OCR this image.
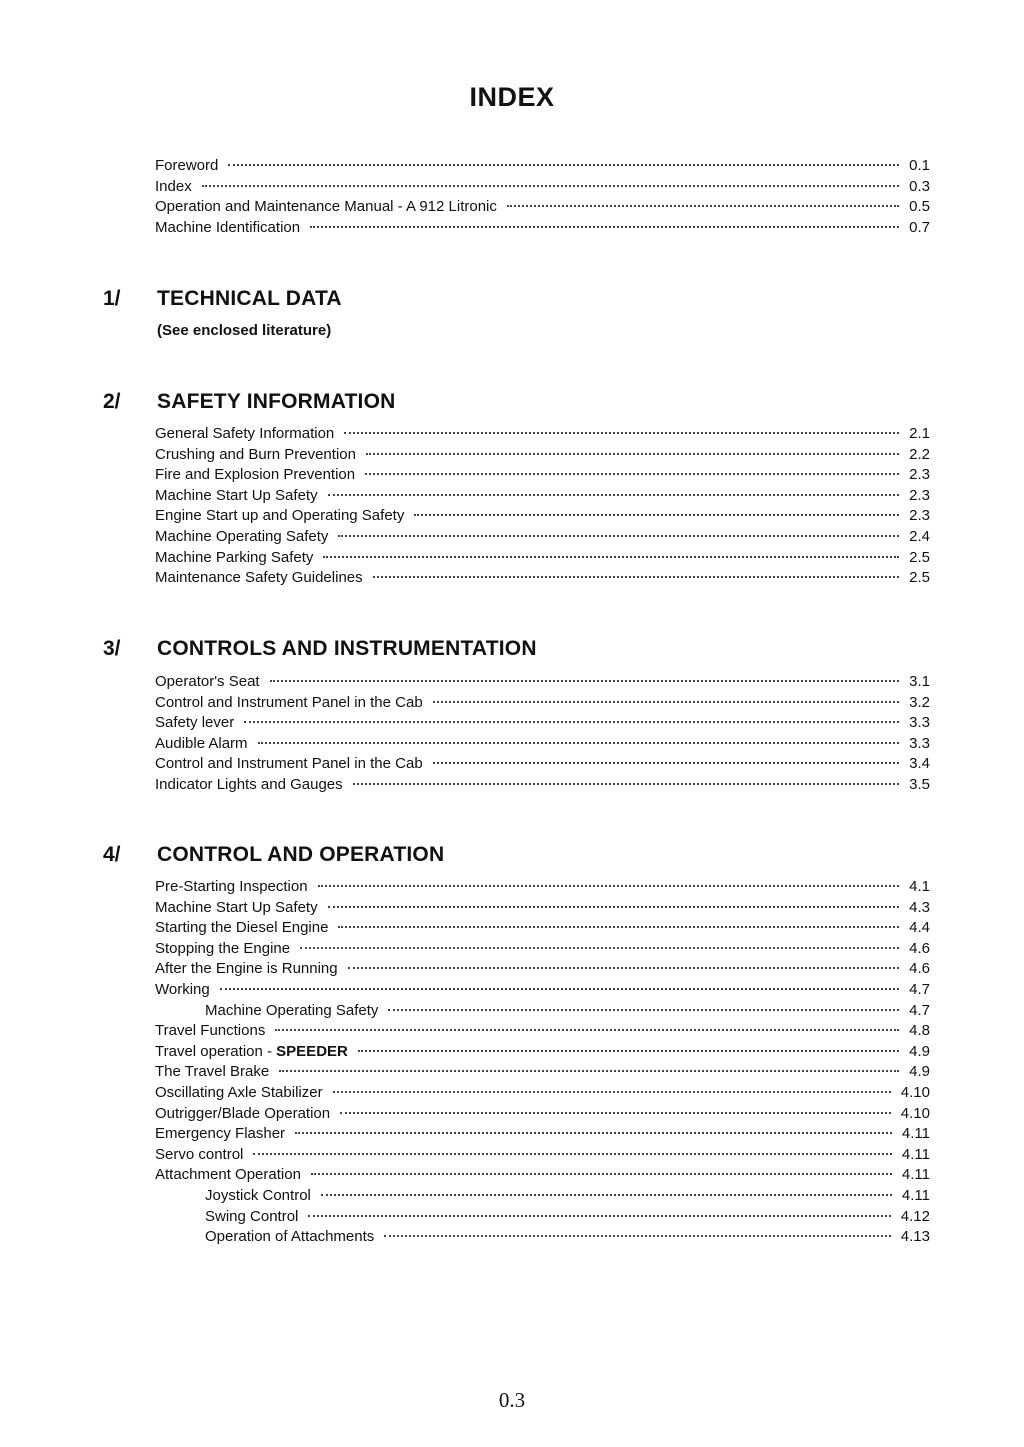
INDEX
Foreword	0.1
Index	0.3
Operation and Maintenance Manual - A 912 Litronic	0.5
Machine Identification	0.7
1/ TECHNICAL DATA
(See enclosed literature)
2/ SAFETY INFORMATION
General Safety Information	2.1
Crushing and Burn Prevention	2.2
Fire and Explosion Prevention	2.3
Machine Start Up Safety	2.3
Engine Start up and Operating Safety	2.3
Machine Operating Safety	2.4
Machine Parking Safety	2.5
Maintenance Safety Guidelines	2.5
3/ CONTROLS AND INSTRUMENTATION
Operator's Seat	3.1
Control and Instrument Panel in the Cab	3.2
Safety lever	3.3
Audible Alarm	3.3
Control and Instrument Panel in the Cab	3.4
Indicator Lights and Gauges	3.5
4/ CONTROL AND OPERATION
Pre-Starting Inspection	4.1
Machine Start Up Safety	4.3
Starting the Diesel Engine	4.4
Stopping the Engine	4.6
After the Engine is Running	4.6
Working	4.7
Machine Operating Safety	4.7
Travel Functions	4.8
Travel operation - SPEEDER	4.9
The Travel Brake	4.9
Oscillating Axle Stabilizer	4.10
Outrigger/Blade Operation	4.10
Emergency Flasher	4.11
Servo control	4.11
Attachment Operation	4.11
Joystick Control	4.11
Swing Control	4.12
Operation of Attachments	4.13
0.3
